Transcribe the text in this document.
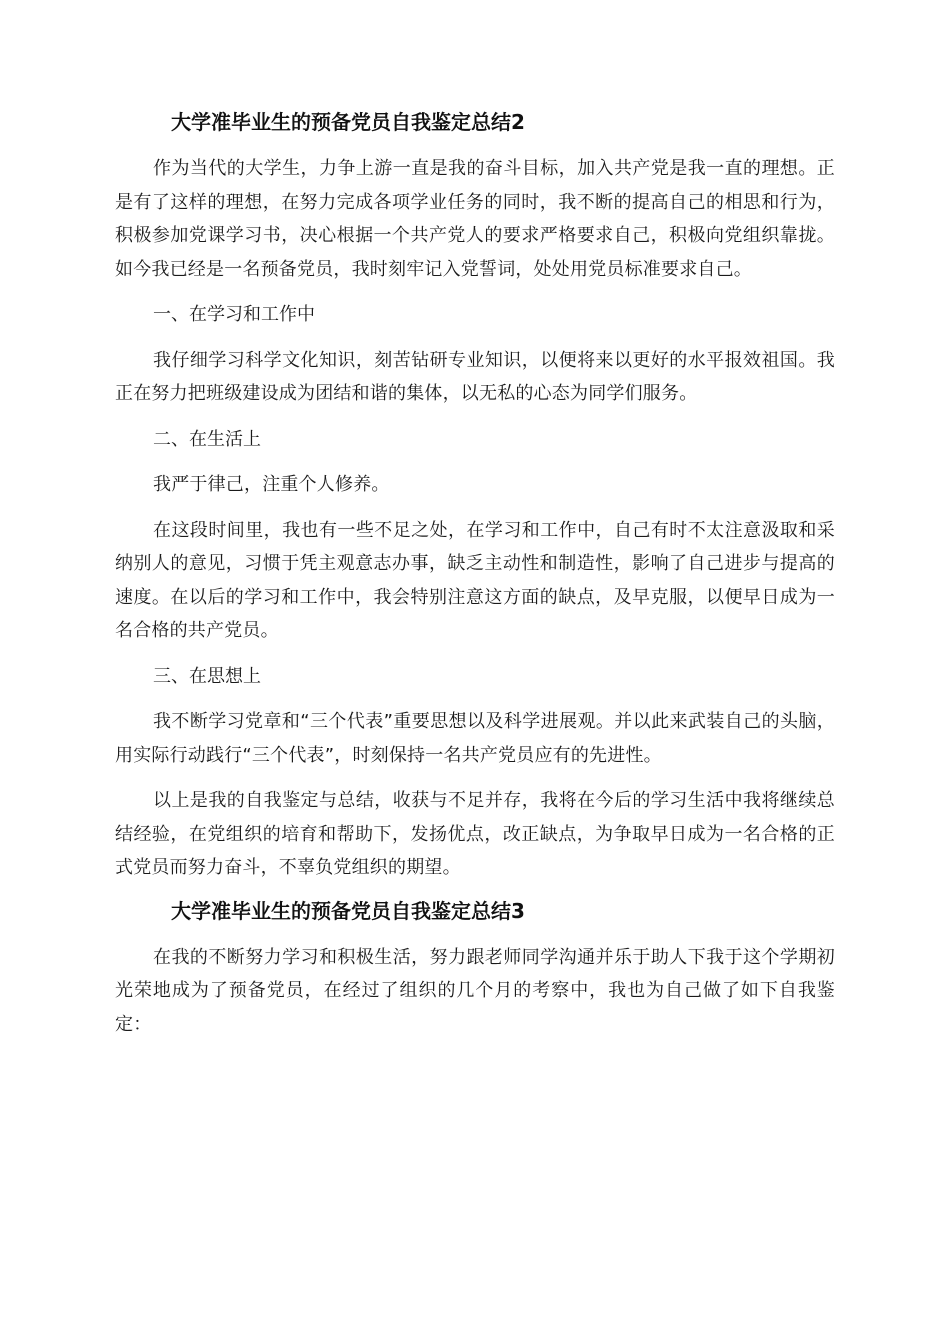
大学准毕业生的预备党员自我鉴定总结2

作为当代的大学生，力争上游一直是我的奋斗目标，加入共产党是我一直的理想。正是有了这样的理想，在努力完成各项学业任务的同时，我不断的提高自己的相思和行为，积极参加党课学习书，决心根据一个共产党人的要求严格要求自己，积极向党组织靠拢。如今我已经是一名预备党员，我时刻牢记入党誓词，处处用党员标准要求自己。

一、在学习和工作中

我仔细学习科学文化知识，刻苦钻研专业知识，以便将来以更好的水平报效祖国。我正在努力把班级建设成为团结和谐的集体，以无私的心态为同学们服务。

二、在生活上

我严于律己，注重个人修养。

在这段时间里，我也有一些不足之处，在学习和工作中，自己有时不太注意汲取和采纳别人的意见，习惯于凭主观意志办事，缺乏主动性和制造性，影响了自己进步与提高的速度。在以后的学习和工作中，我会特别注意这方面的缺点，及早克服，以便早日成为一名合格的共产党员。

三、在思想上

我不断学习党章和“三个代表”重要思想以及科学进展观。并以此来武装自己的头脑，用实际行动践行“三个代表”，时刻保持一名共产党员应有的先进性。

以上是我的自我鉴定与总结，收获与不足并存，我将在今后的学习生活中我将继续总结经验，在党组织的培育和帮助下，发扬优点，改正缺点，为争取早日成为一名合格的正式党员而努力奋斗，不辜负党组织的期望。

大学准毕业生的预备党员自我鉴定总结3

在我的不断努力学习和积极生活，努力跟老师同学沟通并乐于助人下我于这个学期初光荣地成为了预备党员，在经过了组织的几个月的考察中，我也为自己做了如下自我鉴定：
